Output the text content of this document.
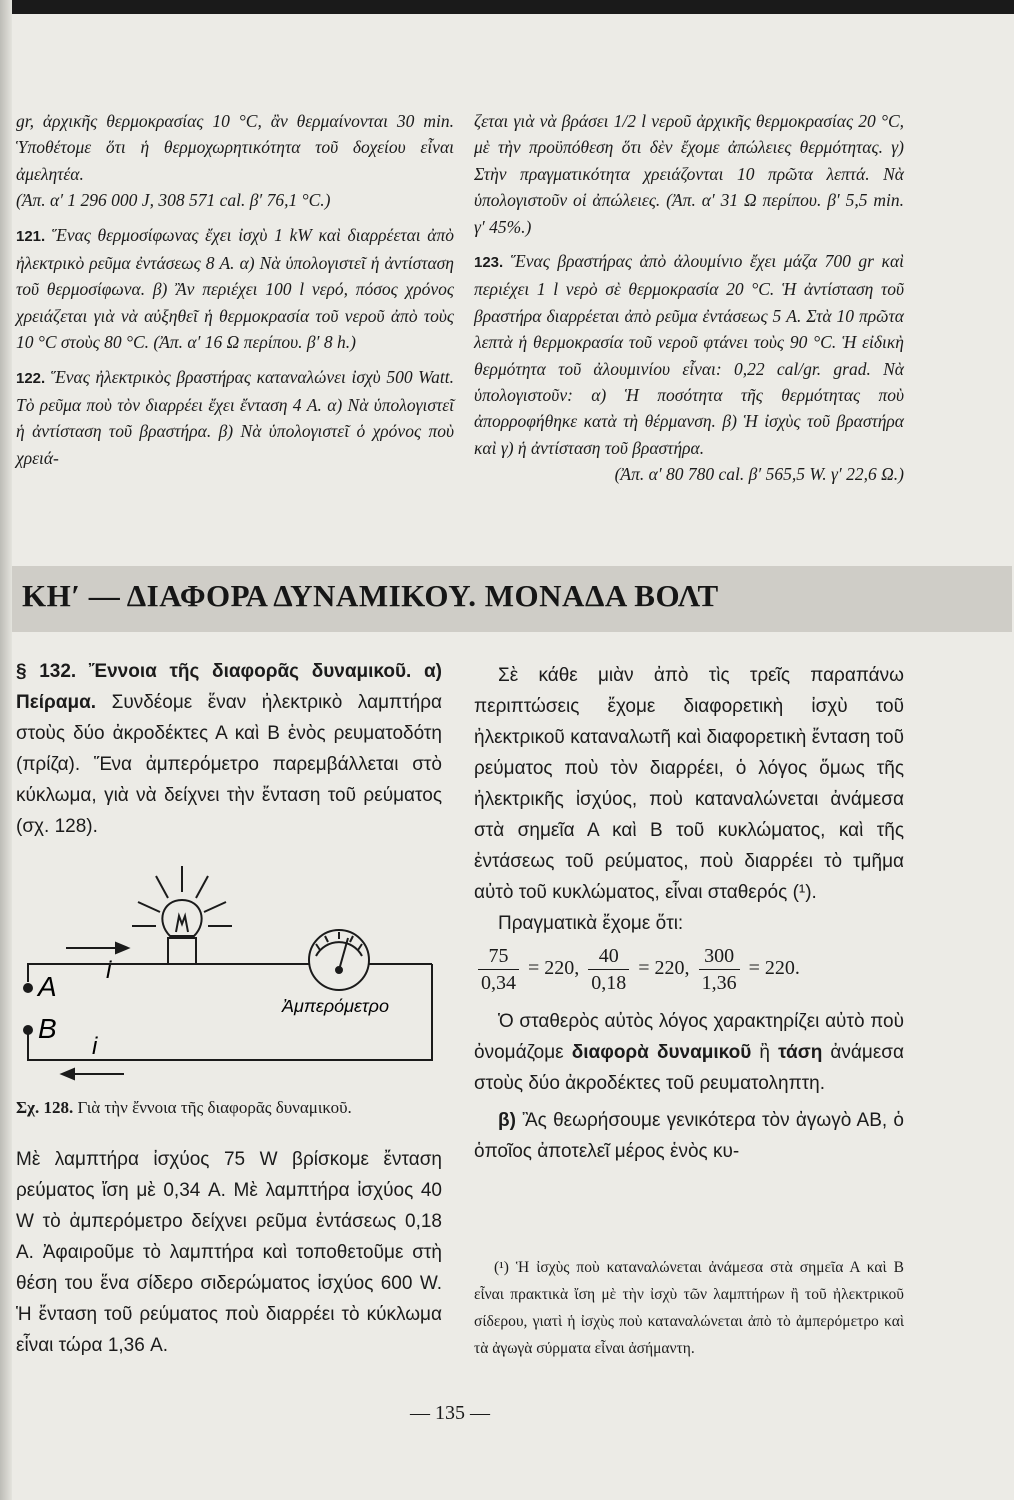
gr, ἀρχικῆς θερμοκρασίας 10 °C, ἂν θερμαίνονται 30 min. Ὑποθέτομε ὅτι ἡ θερμοχωρητικότητα τοῦ δοχείου εἶναι ἀμελητέα.

(Ἀπ. α′ 1 296 000 J, 308 571 cal. β′ 76,1 °C.)

121. Ἕνας θερμοσίφωνας ἔχει ἰσχὺ 1 kW καὶ διαρρέεται ἀπὸ ἠλεκτρικὸ ρεῦμα ἐντάσεως 8 A. α) Νὰ ὑπολογιστεῖ ἡ ἀντίσταση τοῦ θερμοσίφωνα. β) Ἂν περιέχει 100 l νερό, πόσος χρόνος χρειάζεται γιὰ νὰ αὐξηθεῖ ἡ θερμοκρασία τοῦ νεροῦ ἀπὸ τοὺς 10 °C στοὺς 80 °C. (Ἀπ. α′ 16 Ω περίπου. β′ 8 h.)

122. Ἕνας ἠλεκτρικὸς βραστήρας καταναλώνει ἰσχὺ 500 Watt. Τὸ ρεῦμα ποὺ τὸν διαρρέει ἔχει ἔνταση 4 A. α) Νὰ ὑπολογιστεῖ ἡ ἀντίσταση τοῦ βραστήρα. β) Νὰ ὑπολογιστεῖ ὁ χρόνος ποὺ χρειά-

ζεται γιὰ νὰ βράσει 1/2 l νεροῦ ἀρχικῆς θερμοκρασίας 20 °C, μὲ τὴν προϋπόθεση ὅτι δὲν ἔχομε ἀπώλειες θερμότητας. γ) Στὴν πραγματικότητα χρειάζονται 10 πρῶτα λεπτά. Νὰ ὑπολογιστοῦν οἱ ἀπώλειες. (Ἀπ. α′ 31 Ω περίπου. β′ 5,5 min. γ′ 45%.)

123. Ἕνας βραστήρας ἀπὸ ἀλουμίνιο ἔχει μάζα 700 gr καὶ περιέχει 1 l νερὸ σὲ θερμοκρασία 20 °C. Ἡ ἀντίσταση τοῦ βραστήρα διαρρέεται ἀπὸ ρεῦμα ἐντάσεως 5 A. Στὰ 10 πρῶτα λεπτὰ ἡ θερμοκρασία τοῦ νεροῦ φτάνει τοὺς 90 °C. Ἡ εἰδικὴ θερμότητα τοῦ ἀλουμινίου εἶναι: 0,22 cal/gr. grad. Νὰ ὑπολογιστοῦν: α) Ἡ ποσότητα τῆς θερμότητας ποὺ ἀπορροφήθηκε κατὰ τὴ θέρμανση. β) Ἡ ἰσχὺς τοῦ βραστήρα καὶ γ) ἡ ἀντίσταση τοῦ βραστήρα.

(Ἀπ. α′ 80 780 cal. β′ 565,5 W. γ′ 22,6 Ω.)

ΚΗ′ — ΔΙΑΦΟΡΑ ΔΥΝΑΜΙΚΟΥ. ΜΟΝΑΔΑ ΒΟΛΤ

§ 132. Ἔννοια τῆς διαφορᾶς δυναμικοῦ. α) Πείραμα. Συνδέομε ἕναν ἠλεκτρικὸ λαμπτήρα στοὺς δύο ἀκροδέκτες Α καὶ Β ἑνὸς ρευματοδότη (πρίζα). Ἕνα ἀμπερόμετρο παρεμβάλλεται στὸ κύκλωμα, γιὰ νὰ δείχνει τὴν ἔνταση τοῦ ρεύματος (σχ. 128).

A
B
i
i
Ἀμπερόμετρο

Σχ. 128. Γιὰ τὴν ἔννοια τῆς διαφορᾶς δυναμικοῦ.

Μὲ λαμπτήρα ἰσχύος 75 W βρίσκομε ἔνταση ρεύματος ἴση μὲ 0,34 A. Μὲ λαμπτήρα ἰσχύος 40 W τὸ ἀμπερόμετρο δείχνει ρεῦμα ἐντάσεως 0,18 A. Ἀφαιροῦμε τὸ λαμπτήρα καὶ τοποθετοῦμε στὴ θέση του ἕνα σίδερο σιδερώματος ἰσχύος 600 W. Ἡ ἔνταση τοῦ ρεύματος ποὺ διαρρέει τὸ κύκλωμα εἶναι τώρα 1,36 A.

Σὲ κάθε μιὰν ἀπὸ τὶς τρεῖς παραπάνω περιπτώσεις ἔχομε διαφορετικὴ ἰσχὺ τοῦ ἠλεκτρικοῦ καταναλωτῆ καὶ διαφορετικὴ ἔνταση τοῦ ρεύματος ποὺ τὸν διαρρέει, ὁ λόγος ὅμως τῆς ἠλεκτρικῆς ἰσχύος, ποὺ καταναλώνεται ἀνάμεσα στὰ σημεῖα Α καὶ Β τοῦ κυκλώματος, καὶ τῆς ἐντάσεως τοῦ ρεύματος, ποὺ διαρρέει τὸ τμῆμα αὐτὸ τοῦ κυκλώματος, εἶναι σταθερός (¹).

Πραγματικὰ ἔχομε ὅτι:

$\frac{75}{0,34} = 220$, $\frac{40}{0,18} = 220$, $\frac{300}{1,36} = 220$.

Ὁ σταθερὸς αὐτὸς λόγος χαρακτηρίζει αὐτὸ ποὺ ὀνομάζομε διαφορὰ δυναμικοῦ ἢ τάση ἀνάμεσα στοὺς δύο ἀκροδέκτες τοῦ ρευματοληπτη.

β) Ἂς θεωρήσουμε γενικότερα τὸν ἀγωγὸ ΑΒ, ὁ ὁποῖος ἀποτελεῖ μέρος ἑνὸς κυ-

(¹) Ἡ ἰσχὺς ποὺ καταναλώνεται ἀνάμεσα στὰ σημεῖα Α καὶ Β εἶναι πρακτικὰ ἴση μὲ τὴν ἰσχὺ τῶν λαμπτήρων ἢ τοῦ ἠλεκτρικοῦ σίδερου, γιατὶ ἡ ἰσχὺς ποὺ καταναλώνεται ἀπὸ τὸ ἀμπερόμετρο καὶ τὰ ἀγωγὰ σύρματα εἶναι ἀσήμαντη.

— 135 —
